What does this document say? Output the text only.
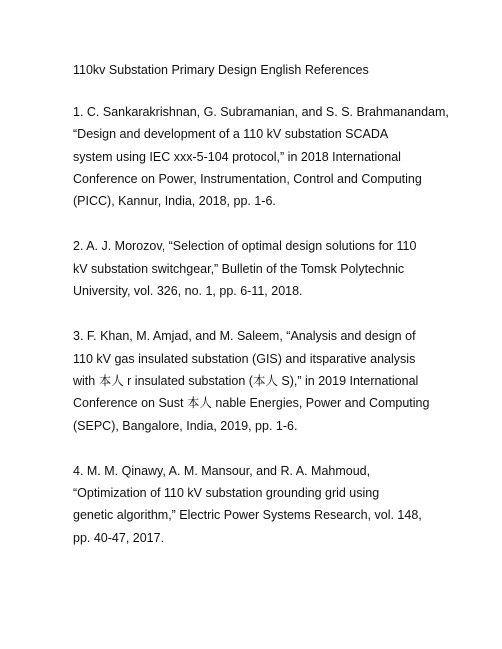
110kv Substation Primary Design English References
1. C. Sankarakrishnan, G. Subramanian, and S. S. Brahmanandam,
“Design and development of a 110 kV substation SCADA
system using IEC xxx-5-104 protocol,” in 2018 International
Conference on Power, Instrumentation, Control and Computing
(PICC), Kannur, India, 2018, pp. 1-6.
2. A. J. Morozov, “Selection of optimal design solutions for 110
kV substation switchgear,” Bulletin of the Tomsk Polytechnic
University, vol. 326, no. 1, pp. 6-11, 2018.
3. F. Khan, M. Amjad, and M. Saleem, “Analysis and design of
110 kV gas insulated substation (GIS) and itsparative analysis
with 本人 r insulated substation (本人 S),” in 2019 International
Conference on Sust 本人 nable Energies, Power and Computing
(SEPC), Bangalore, India, 2019, pp. 1-6.
4. M. M. Qinawy, A. M. Mansour, and R. A. Mahmoud,
“Optimization of 110 kV substation grounding grid using
genetic algorithm,” Electric Power Systems Research, vol. 148,
pp. 40-47, 2017.
